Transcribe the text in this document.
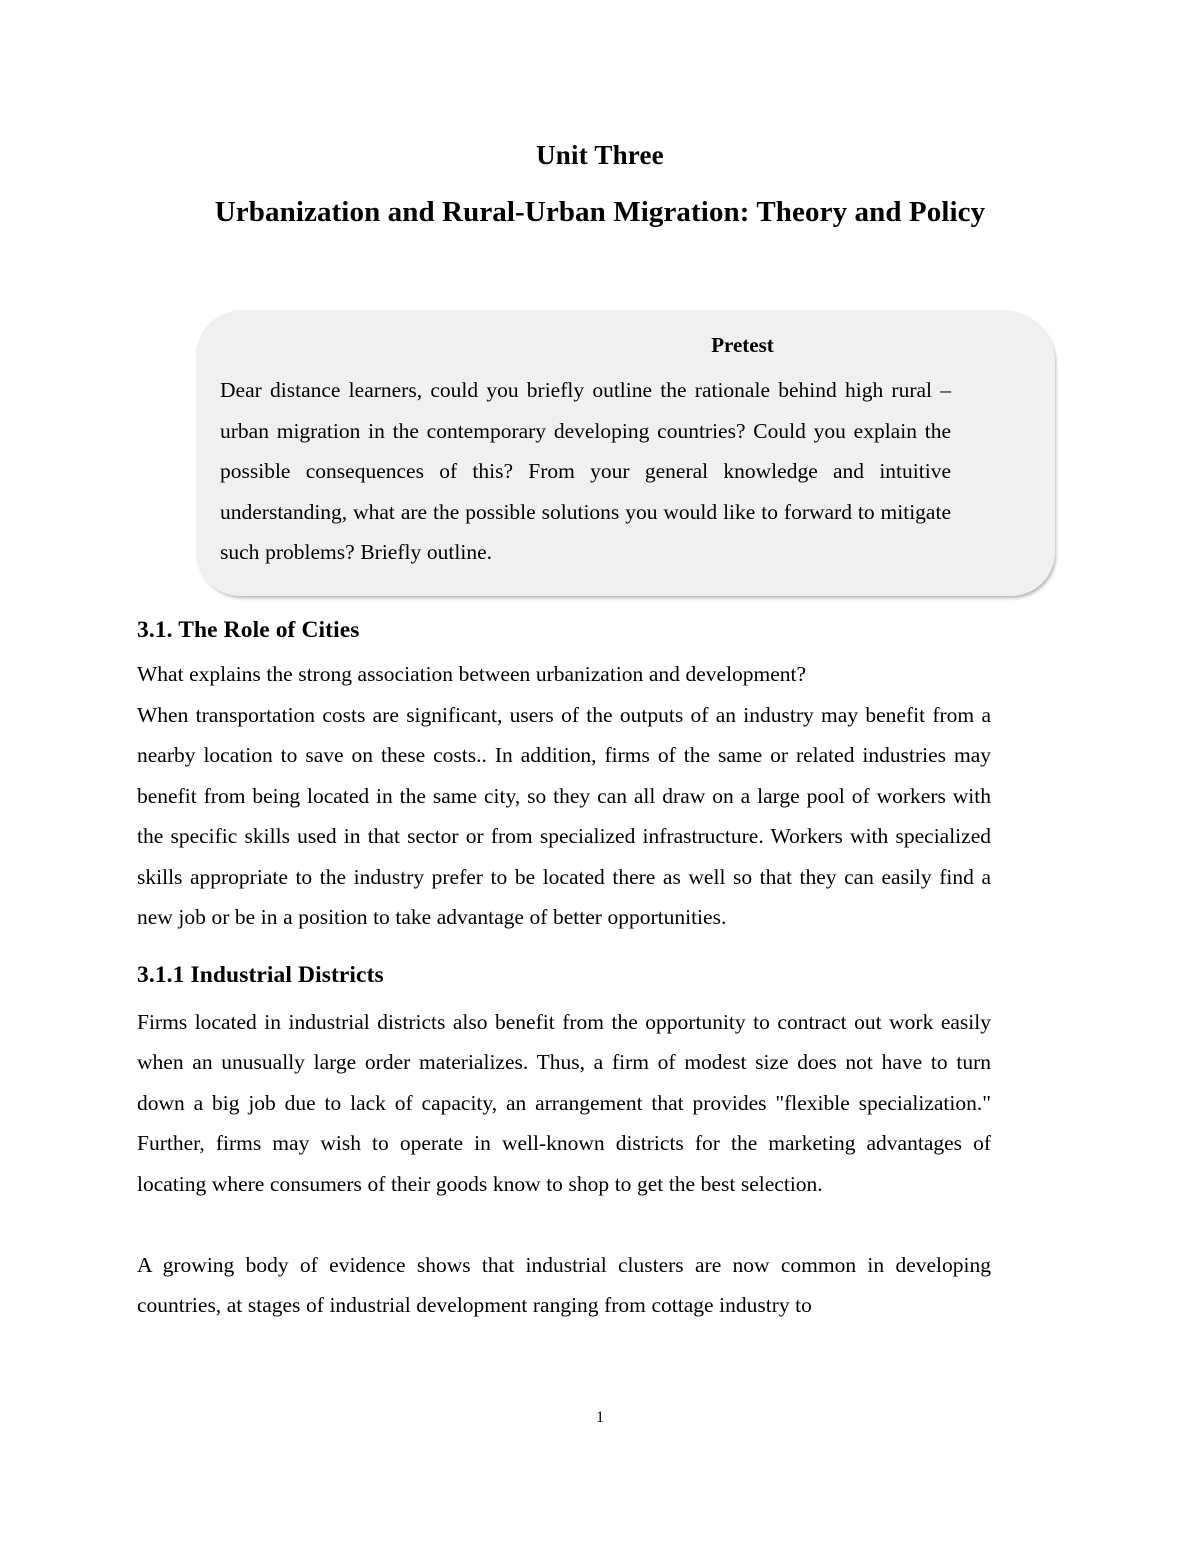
Unit Three
Urbanization and Rural-Urban Migration: Theory and Policy
Pretest
Dear distance learners, could you briefly outline the rationale behind high rural – urban migration in the contemporary developing countries? Could you explain the possible consequences of this? From your general knowledge and intuitive understanding, what are the possible solutions you would like to forward to mitigate such problems? Briefly outline.
3.1. The Role of Cities

What explains the strong association between urbanization and development?

When transportation costs are significant, users of the outputs of an industry may benefit from a nearby location to save on these costs.. In addition, firms of the same or related industries may benefit from being located in the same city, so they can all draw on a large pool of workers with the specific skills used in that sector or from specialized infrastructure. Workers with specialized skills appropriate to the industry prefer to be located there as well so that they can easily find a new job or be in a position to take advantage of better opportunities.

3.1.1 Industrial Districts

Firms located in industrial districts also benefit from the opportunity to contract out work easily when an unusually large order materializes. Thus, a firm of modest size does not have to turn down a big job due to lack of capacity, an arrangement that provides "flexible specialization." Further, firms may wish to operate in well-known districts for the marketing advantages of locating where consumers of their goods know to shop to get the best selection.

A growing body of evidence shows that industrial clusters are now common in developing countries, at stages of industrial development ranging from cottage industry to

1
